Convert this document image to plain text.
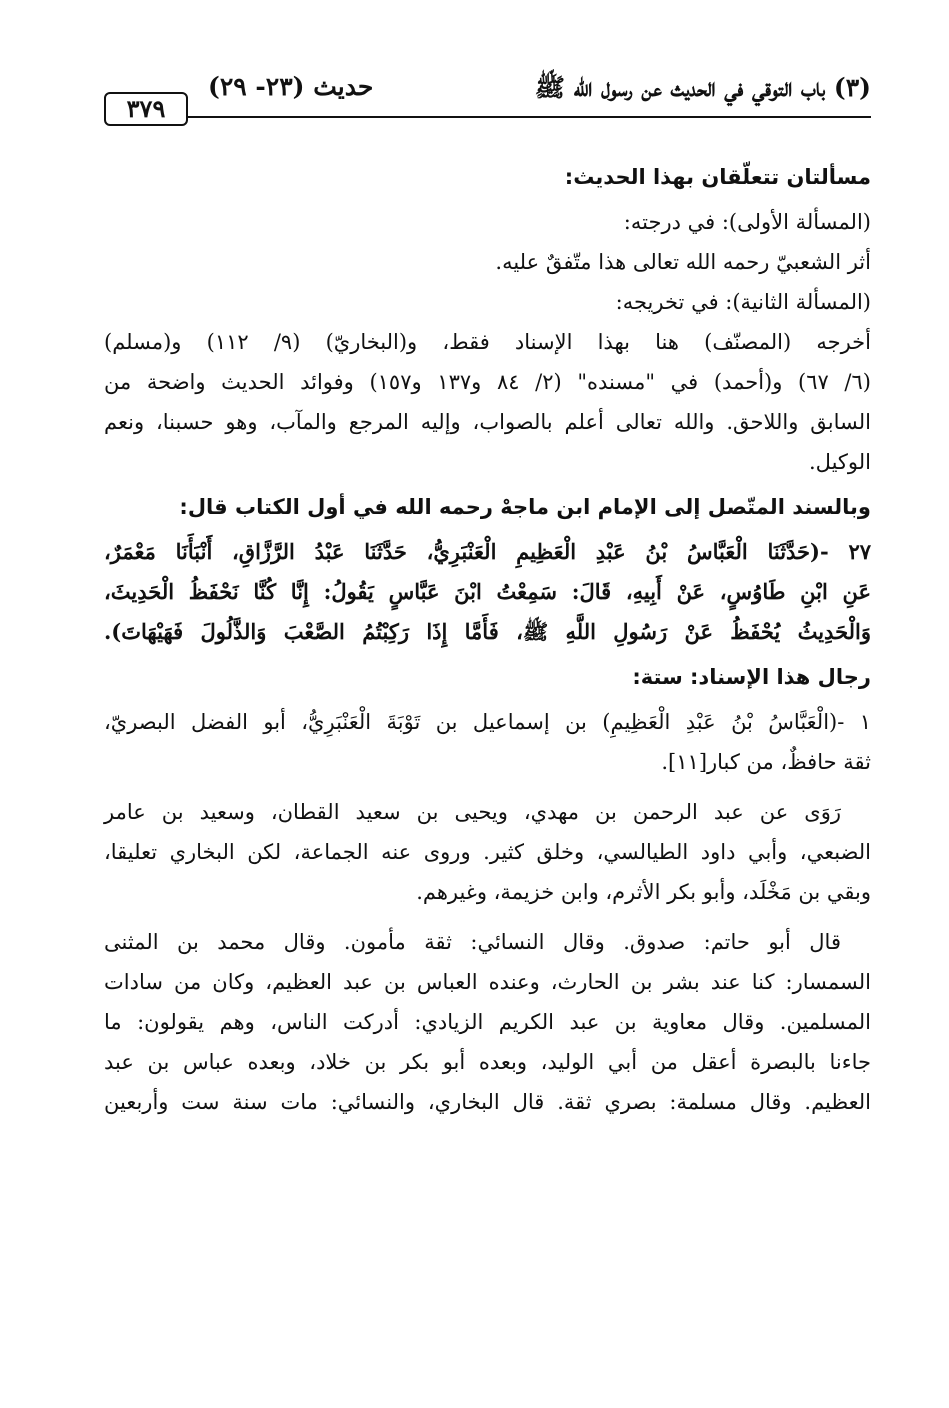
(٣) باب التوقي في الحديث عن رسول الله ﷺ
حديث (٢٣- ٢٩)
٣٧٩
مسألتان تتعلّقان بهذا الحديث:
(المسألة الأولى): في درجته:
أثر الشعبيّ رحمه الله تعالى هذا متّفقٌ عليه.
(المسألة الثانية): في تخريجه:
أخرجه (المصنّف) هنا بهذا الإسناد فقط، و(البخاريّ) (٩/ ١١٢) و(مسلم)
(٦/ ٦٧) و(أحمد) في "مسنده" (٢/ ٨٤ و١٣٧ و١٥٧) وفوائد الحديث واضحة من
السابق واللاحق. والله تعالى أعلم بالصواب، وإليه المرجع والمآب، وهو حسبنا، ونعم
الوكيل.
وبالسند المتّصل إلى الإمام ابن ماجهْ رحمه الله في أول الكتاب قال:
٢٧ -(حَدَّثَنَا الْعَبَّاسُ بْنُ عَبْدِ الْعَظِيمِ الْعَنْبَرِيُّ، حَدَّثَنَا عَبْدُ الرَّزَّاقِ، أَنْبَأَنَا مَعْمَرٌ،
عَنِ ابْنِ طَاوُسٍ، عَنْ أَبِيهِ، قَالَ: سَمِعْتُ ابْنَ عَبَّاسٍ يَقُولُ: إِنَّا كُنَّا نَحْفَظُ الْحَدِيثَ،
وَالْحَدِيثُ يُحْفَظُ عَنْ رَسُولِ اللَّهِ ﷺ، فَأَمَّا إِذَا رَكِبْتُمُ الصَّعْبَ وَالذَّلُولَ فَهَيْهَاتَ).
رجال هذا الإسناد: ستة:
١ -(الْعَبَّاسُ بْنُ عَبْدِ الْعَظِيمِ) بن إسماعيل بن تَوْبَةَ الْعَنْبَرِيُّ، أبو الفضل البصريّ،
ثقة حافظٌ، من كبار[١١].
رَوَى عن عبد الرحمن بن مهدي، ويحيى بن سعيد القطان، وسعيد بن عامر
الضبعي، وأبي داود الطيالسي، وخلق كثير. وروى عنه الجماعة، لكن البخاري تعليقا،
وبقي بن مَخْلَد، وأبو بكر الأثرم، وابن خزيمة، وغيرهم.
قال أبو حاتم: صدوق. وقال النسائي: ثقة مأمون. وقال محمد بن المثنى
السمسار: كنا عند بشر بن الحارث، وعنده العباس بن عبد العظيم، وكان من سادات
المسلمين. وقال معاوية بن عبد الكريم الزيادي: أدركت الناس، وهم يقولون: ما
جاءنا بالبصرة أعقل من أبي الوليد، وبعده أبو بكر بن خلاد، وبعده عباس بن عبد
العظيم. وقال مسلمة: بصري ثقة. قال البخاري، والنسائي: مات سنة ست وأربعين
